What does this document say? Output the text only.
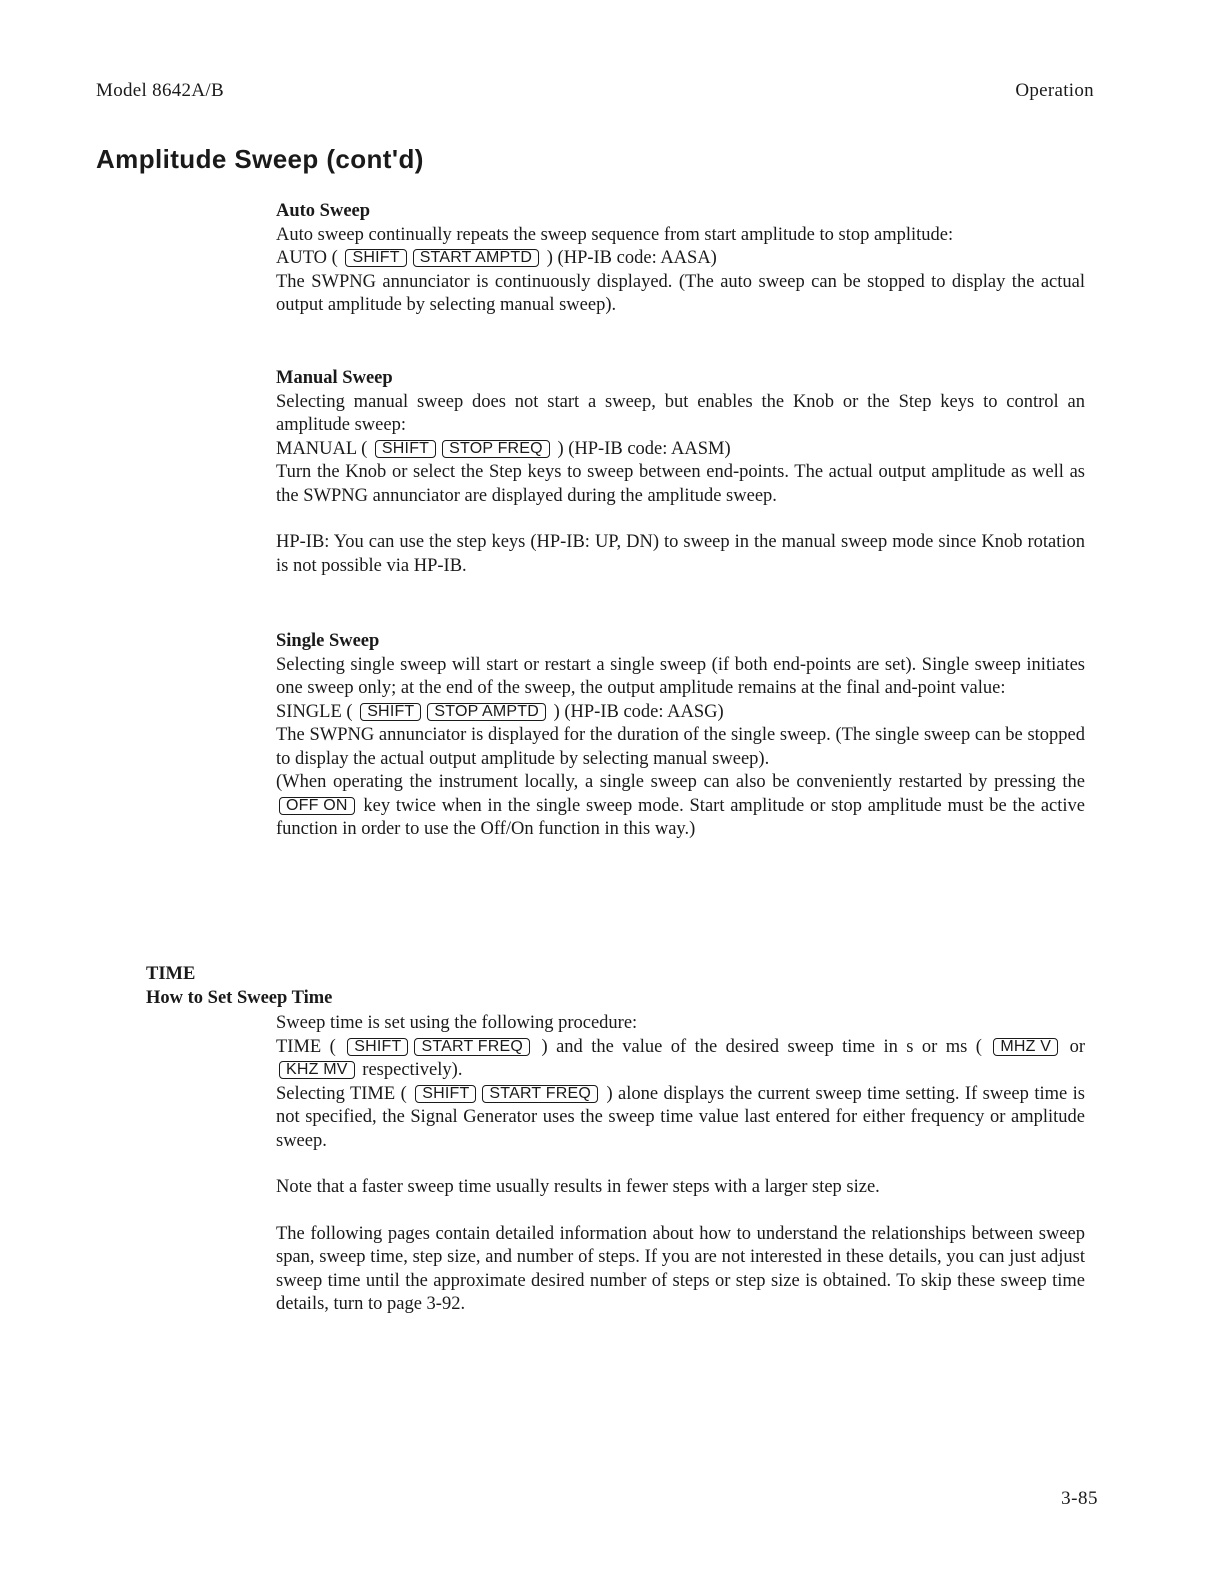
Model 8642A/B	Operation
Amplitude Sweep (cont'd)

Auto Sweep

Auto sweep continually repeats the sweep sequence from start amplitude to stop amplitude:

AUTO ( SHIFT START AMPTD ) (HP-IB code: AASA)

The SWPNG annunciator is continuously displayed. (The auto sweep can be stopped to display the actual output amplitude by selecting manual sweep).

Manual Sweep

Selecting manual sweep does not start a sweep, but enables the Knob or the Step keys to control an amplitude sweep:

MANUAL ( SHIFT STOP FREQ ) (HP-IB code: AASM)

Turn the Knob or select the Step keys to sweep between end-points. The actual output amplitude as well as the SWPNG annunciator are displayed during the amplitude sweep.

HP-IB: You can use the step keys (HP-IB: UP, DN) to sweep in the manual sweep mode since Knob rotation is not possible via HP-IB.

Single Sweep

Selecting single sweep will start or restart a single sweep (if both end-points are set). Single sweep initiates one sweep only; at the end of the sweep, the output amplitude remains at the final and-point value:

SINGLE ( SHIFT STOP AMPTD ) (HP-IB code: AASG)

The SWPNG annunciator is displayed for the duration of the single sweep. (The single sweep can be stopped to display the actual output amplitude by selecting manual sweep).

(When operating the instrument locally, a single sweep can also be conveniently restarted by pressing the OFF ON key twice when in the single sweep mode. Start amplitude or stop amplitude must be the active function in order to use the Off/On function in this way.)

TIME
How to Set Sweep Time

Sweep time is set using the following procedure:

TIME ( SHIFT START FREQ ) and the value of the desired sweep time in s or ms ( MHZ V or KHZ MV respectively).

Selecting TIME ( SHIFT START FREQ ) alone displays the current sweep time setting. If sweep time is not specified, the Signal Generator uses the sweep time value last entered for either frequency or amplitude sweep.

Note that a faster sweep time usually results in fewer steps with a larger step size.

The following pages contain detailed information about how to understand the relationships between sweep span, sweep time, step size, and number of steps. If you are not interested in these details, you can just adjust sweep time until the approximate desired number of steps or step size is obtained. To skip these sweep time details, turn to page 3-92.

3-85
